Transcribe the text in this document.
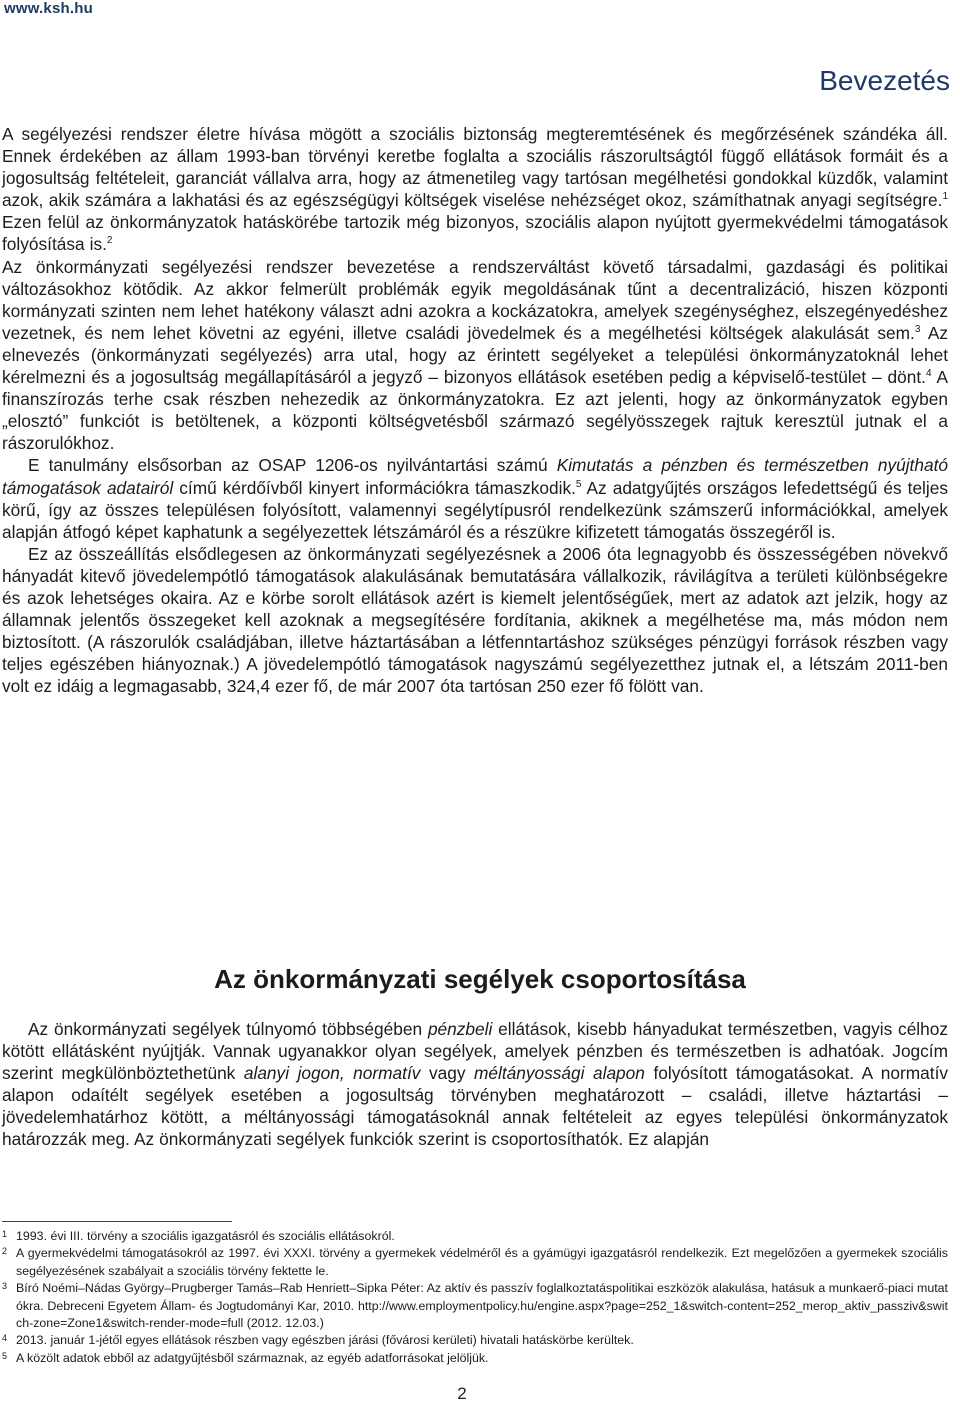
www.ksh.hu
Bevezetés

A segélyezési rendszer életre hívása mögött a szociális biztonság megteremtésének és megőrzésének szándéka áll. Ennek érdekében az állam 1993-ban törvényi keretbe foglalta a szociális rászorultságtól függő ellátások formáit és a jogosultság feltételeit, garanciát vállalva arra, hogy az átmenetileg vagy tartósan megélhetési gondokkal küzdők, valamint azok, akik számára a lakhatási és az egészségügyi költségek viselése nehézséget okoz, számíthatnak anyagi segítségre.$^1$ Ezen felül az önkormányzatok hatáskörébe tartozik még bizonyos, szociális alapon nyújtott gyermekvédelmi támogatások folyósítása is.$^2$

Az önkormányzati segélyezési rendszer bevezetése a rendszerváltást követő társadalmi, gazdasági és politikai változásokhoz kötődik. Az akkor felmerült problémák egyik megoldásának tűnt a decentralizáció, hiszen központi kormányzati szinten nem lehet hatékony választ adni azokra a kockázatokra, amelyek szegénységhez, elszegényedéshez vezetnek, és nem lehet követni az egyéni, illetve családi jövedelmek és a megélhetési költségek alakulását sem.$^3$ Az elnevezés (önkormányzati segélyezés) arra utal, hogy az érintett segélyeket a települési önkormányzatoknál lehet kérelmezni és a jogosultság megállapításáról a jegyző – bizonyos ellátások esetében pedig a képviselő-testület – dönt.$^4$ A finanszírozás terhe csak részben nehezedik az önkormányzatokra. Ez azt jelenti, hogy az önkormányzatok egyben „elosztó” funkciót is betöltenek, a központi költségvetésből származó segélyösszegek rajtuk keresztül jutnak el a rászorulókhoz.

E tanulmány elsősorban az OSAP 1206-os nyilvántartási számú Kimutatás a pénzben és természetben nyújtható támogatások adatairól című kérdőívből kinyert információkra támaszkodik.$^5$ Az adatgyűjtés országos lefedettségű és teljes körű, így az összes településen folyósított, valamennyi segélytípusról rendelkezünk számszerű információkkal, amelyek alapján átfogó képet kaphatunk a segélyezettek létszámáról és a részükre kifizetett támogatás összegéről is.

Ez az összeállítás elsődlegesen az önkormányzati segélyezésnek a 2006 óta legnagyobb és összességében növekvő hányadát kitevő jövedelempótló támogatások alakulásának bemutatására vállalkozik, rávilágítva a területi különbségekre és azok lehetséges okaira. Az e körbe sorolt ellátások azért is kiemelt jelentőségűek, mert az adatok azt jelzik, hogy az államnak jelentős összegeket kell azoknak a megsegítésére fordítania, akiknek a megélhetése ma, más módon nem biztosított. (A rászorulók családjában, illetve háztartásában a létfenntartáshoz szükséges pénzügyi források részben vagy teljes egészében hiányoznak.) A jövedelempótló támogatások nagyszámú segélyezetthez jutnak el, a létszám 2011-ben volt ez idáig a legmagasabb, 324,4 ezer fő, de már 2007 óta tartósan 250 ezer fő fölött van.

Az önkormányzati segélyek csoportosítása

Az önkormányzati segélyek túlnyomó többségében pénzbeli ellátások, kisebb hányadukat természetben, vagyis célhoz kötött ellátásként nyújtják. Vannak ugyanakkor olyan segélyek, amelyek pénzben és természetben is adhatóak. Jogcím szerint megkülönböztethetünk alanyi jogon, normatív vagy méltányossági alapon folyósított támogatásokat. A normatív alapon odaítélt segélyek esetében a jogosultság törvényben meghatározott – családi, illetve háztartási – jövedelemhatárhoz kötött, a méltányossági támogatásoknál annak feltételeit az egyes települési önkormányzatok határozzák meg. Az önkormányzati segélyek funkciók szerint is csoportosíthatók. Ez alapján

1 1993. évi III. törvény a szociális igazgatásról és szociális ellátásokról.

2 A gyermekvédelmi támogatásokról az 1997. évi XXXI. törvény a gyermekek védelméről és a gyámügyi igazgatásról rendelkezik. Ezt megelőzően a gyermekek szociális segélyezésének szabályait a szociális törvény fektette le.

3 Bíró Noémi–Nádas György–Prugberger Tamás–Rab Henriett–Sipka Péter: Az aktív és passzív foglalkoztatáspolitikai eszközök alakulása, hatásuk a munkaerő-piaci mutatókra. Debreceni Egyetem Állam- és Jogtudományi Kar, 2010. http://www.employmentpolicy.hu/engine.aspx?page=252_1&switch-content=252_merop_aktiv_passziv&switch-zone=Zone1&switch-render-mode=full (2012. 12.03.)

4 2013. január 1-jétől egyes ellátások részben vagy egészben járási (fővárosi kerületi) hivatali hatáskörbe kerültek.

5 A közölt adatok ebből az adatgyűjtésből származnak, az egyéb adatforrásokat jelöljük.

2
